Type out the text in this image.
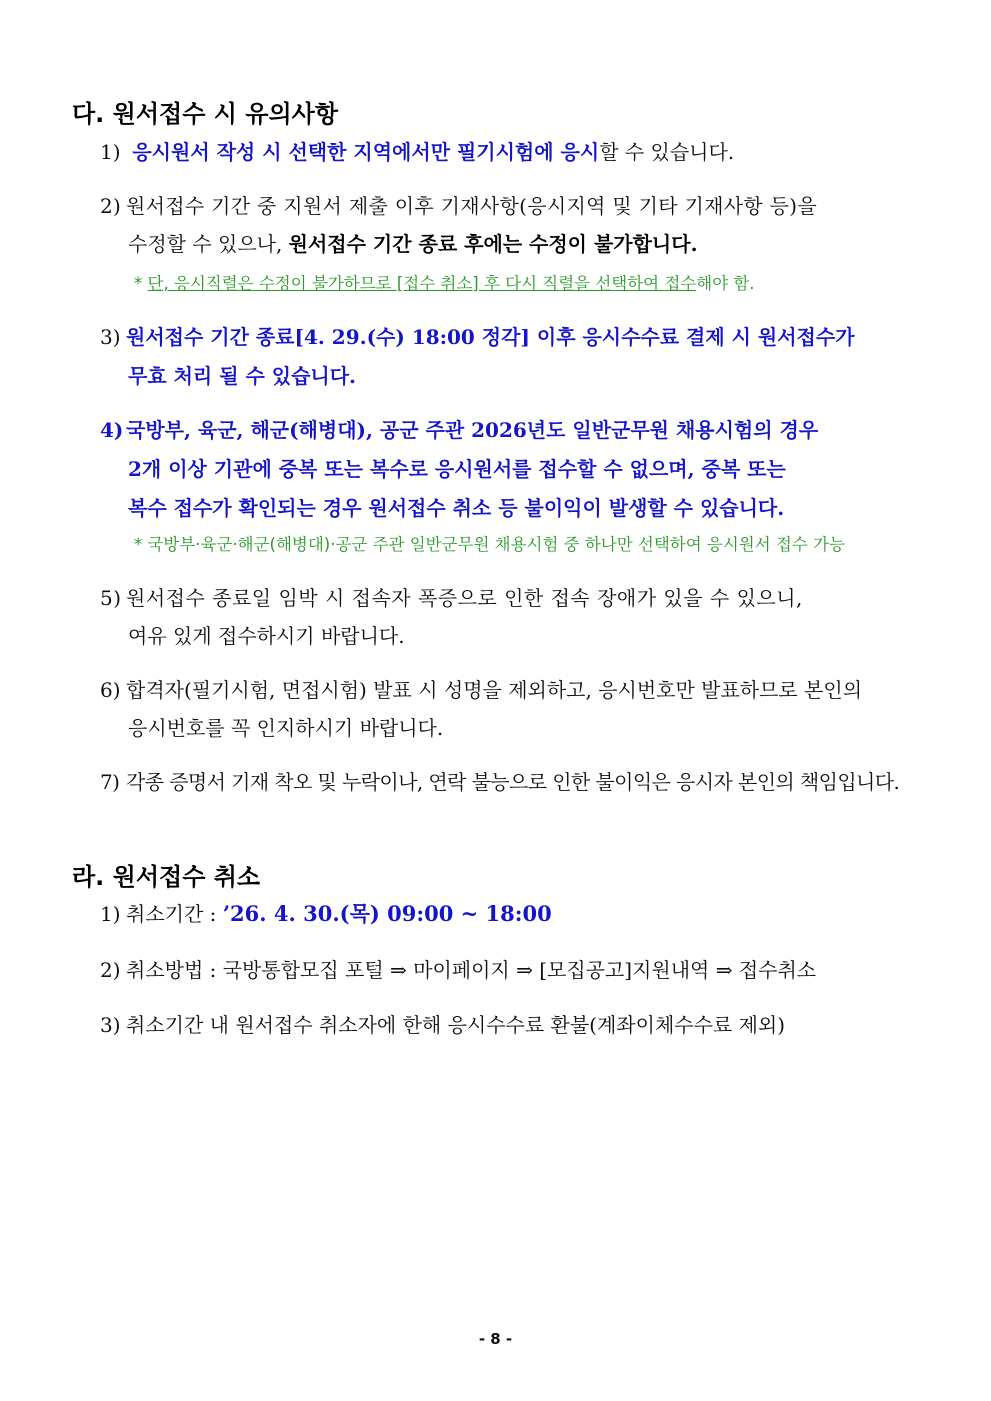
다. 원서접수 시 유의사항
1) 응시원서 작성 시 선택한 지역에서만 필기시험에 응시할 수 있습니다.
2) 원서접수 기간 중 지원서 제출 이후 기재사항(응시지역 및 기타 기재사항 등)을
수정할 수 있으나, 원서접수 기간 종료 후에는 수정이 불가합니다.
* 단, 응시직렬은 수정이 불가하므로 [접수 취소] 후 다시 직렬을 선택하여 접수해야 함.
3) 원서접수 기간 종료[4. 29.(수) 18:00 정각] 이후 응시수수료 결제 시 원서접수가
무효 처리 될 수 있습니다.
4) 국방부, 육군, 해군(해병대), 공군 주관 2026년도 일반군무원 채용시험의 경우
2개 이상 기관에 중복 또는 복수로 응시원서를 접수할 수 없으며, 중복 또는
복수 접수가 확인되는 경우 원서접수 취소 등 불이익이 발생할 수 있습니다.
* 국방부·육군·해군(해병대)·공군 주관 일반군무원 채용시험 중 하나만 선택하여 응시원서 접수 가능
5) 원서접수 종료일 임박 시 접속자 폭증으로 인한 접속 장애가 있을 수 있으니,
여유 있게 접수하시기 바랍니다.
6) 합격자(필기시험, 면접시험) 발표 시 성명을 제외하고, 응시번호만 발표하므로 본인의
응시번호를 꼭 인지하시기 바랍니다.
7) 각종 증명서 기재 착오 및 누락이나, 연락 불능으로 인한 불이익은 응시자 본인의 책임입니다.
라. 원서접수 취소
1) 취소기간 : ’26. 4. 30.(목) 09:00 ~ 18:00
2) 취소방법 : 국방통합모집 포털 ⇒ 마이페이지 ⇒ [모집공고]지원내역 ⇒ 접수취소
3) 취소기간 내 원서접수 취소자에 한해 응시수수료 환불(계좌이체수수료 제외)
- 8 -
